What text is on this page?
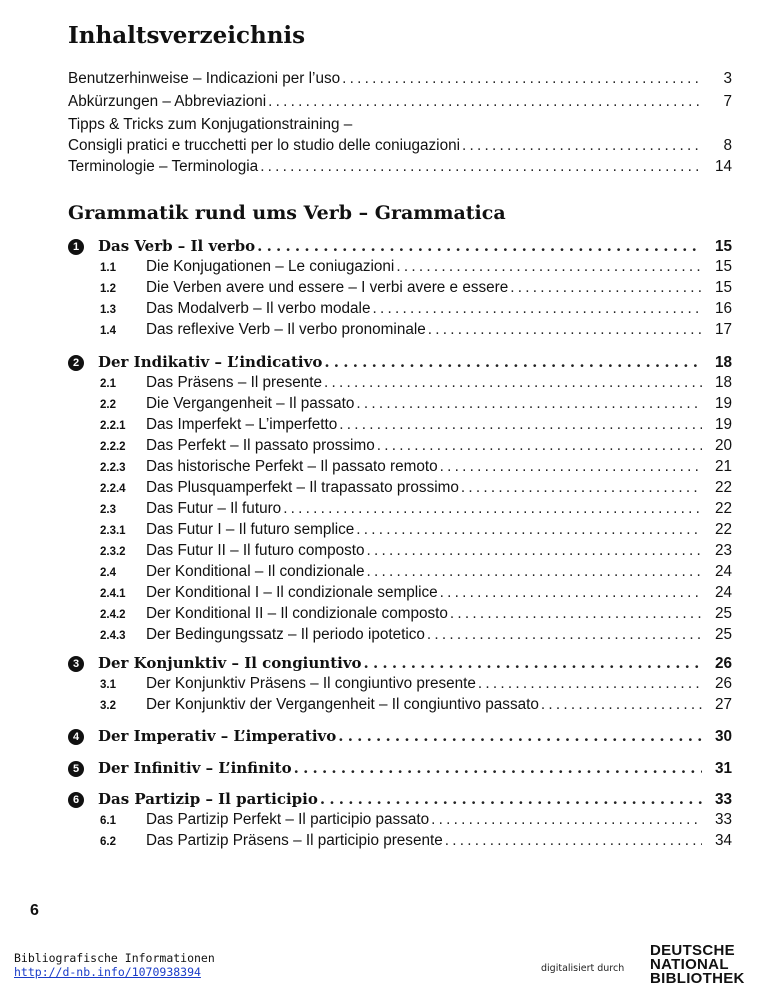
Inhaltsverzeichnis
Benutzerhinweise – Indicazioni per l’uso . . .	3
Abkürzungen – Abbreviazioni . . .	7
Tipps & Tricks zum Konjugationstraining –
Consigli pratici e trucchetti per lo studio delle coniugazioni . . .	8
Terminologie – Terminologia . . .	14
Grammatik rund ums Verb – Grammatica
1	Das Verb – Il verbo . . .	15
1.1	Die Konjugationen – Le coniugazioni . . .	15
1.2	Die Verben avere und essere – I verbi avere e essere . . .	15
1.3	Das Modalverb – Il verbo modale . . .	16
1.4	Das reflexive Verb – Il verbo pronominale . . .	17
2	Der Indikativ – L’indicativo . . .	18
2.1	Das Präsens – Il presente . . .	18
2.2	Die Vergangenheit – Il passato . . .	19
2.2.1	Das Imperfekt – L’imperfetto . . .	19
2.2.2	Das Perfekt – Il passato prossimo . . .	20
2.2.3	Das historische Perfekt – Il passato remoto . . .	21
2.2.4	Das Plusquamperfekt – Il trapassato prossimo . . .	22
2.3	Das Futur – Il futuro . . .	22
2.3.1	Das Futur I – Il futuro semplice . . .	22
2.3.2	Das Futur II – Il futuro composto . . .	23
2.4	Der Konditional – Il condizionale . . .	24
2.4.1	Der Konditional I – Il condizionale semplice . . .	24
2.4.2	Der Konditional II – Il condizionale composto . . .	25
2.4.3	Der Bedingungssatz – Il periodo ipotetico . . .	25
3	Der Konjunktiv – Il congiuntivo . . .	26
3.1	Der Konjunktiv Präsens – Il congiuntivo presente . . .	26
3.2	Der Konjunktiv der Vergangenheit – Il congiuntivo passato . . .	27
4	Der Imperativ – L’imperativo . . .	30
5	Der Infinitiv – L’infinito . . .	31
6	Das Partizip – Il participio . . .	33
6.1	Das Partizip Perfekt – Il participio passato . . .	33
6.2	Das Partizip Präsens – Il participio presente . . .	34
6
Bibliografische Informationen
http://d-nb.info/1070938394	digitalisiert durch
DEUTSCHE
NATIONAL
BIBLIOTHEK
